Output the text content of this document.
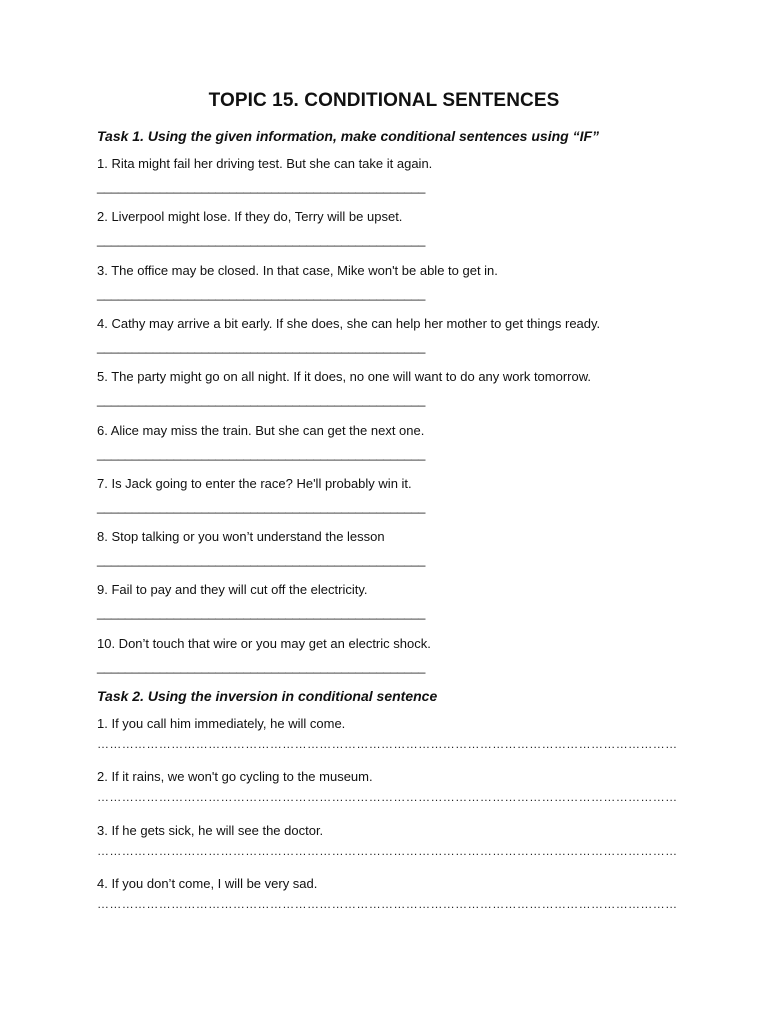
TOPIC 15. CONDITIONAL SENTENCES

Task 1. Using the given information, make conditional sentences using “IF”

1. Rita might fail her driving test. But she can take it again.
_______________________________________________
2. Liverpool might lose. If they do, Terry will be upset.
_______________________________________________
3. The office may be closed. In that case, Mike won't be able to get in.
_______________________________________________
4. Cathy may arrive a bit early. If she does, she can help her mother to get things ready.
_______________________________________________
5. The party might go on all night. If it does, no one will want to do any work tomorrow.
_______________________________________________
6. Alice may miss the train. But she can get the next one.
_______________________________________________
7. Is Jack going to enter the race? He'll probably win it.
_______________________________________________
8. Stop talking or you won’t understand the lesson
_______________________________________________
9. Fail to pay and they will cut off the electricity.
_______________________________________________
10. Don’t touch that wire or you may get an electric shock.
_______________________________________________

Task 2. Using the inversion in conditional sentence

1. If you call him immediately, he will come.
……………………………………………………………………………………………………………………………
2. If it rains, we won't go cycling to the museum.
……………………………………………………………………………………………………………………………
3. If he gets sick, he will see the doctor.
……………………………………………………………………………………………………………………………
4. If you don’t come, I will be very sad.
……………………………………………………………………………………………………………………………
